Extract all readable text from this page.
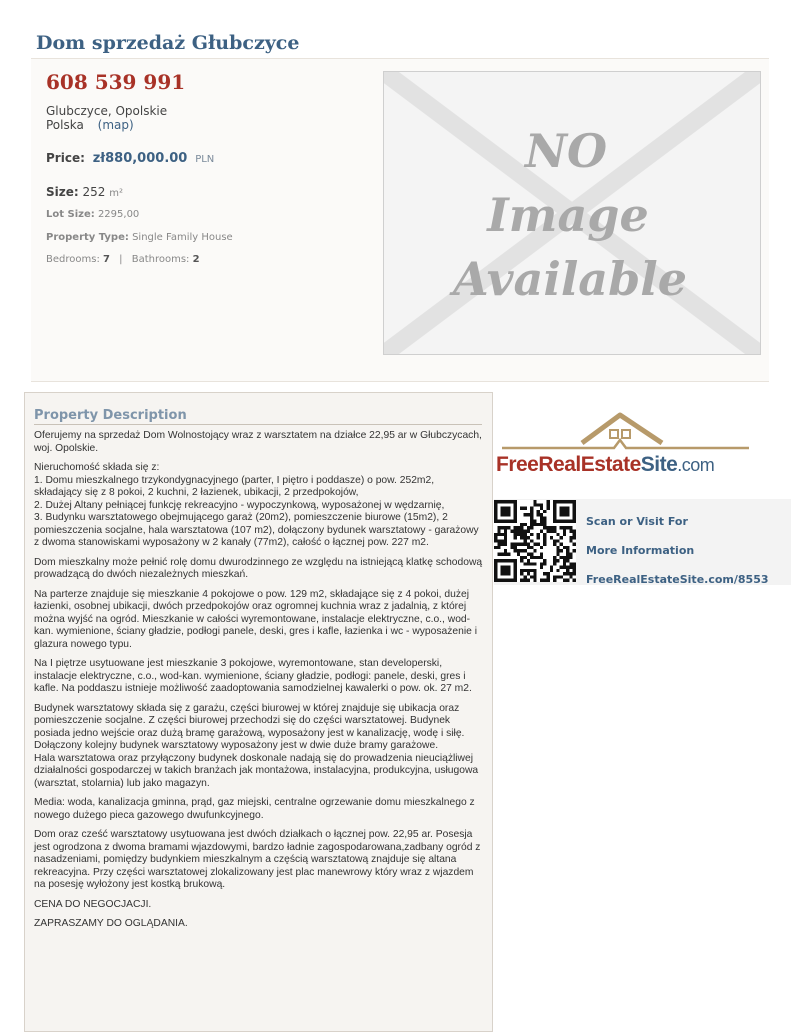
Dom sprzedaż Głubczyce
608 539 991
Glubczyce, Opolskie
Polska (map)
Price: zł880,000.00 PLN
Size: 252 m²
Lot Size: 2295,00
Property Type: Single Family House
Bedrooms: 7 | Bathrooms: 2
NO
Image
Available
Property Description

Oferujemy na sprzedaż Dom Wolnostojący wraz z warsztatem na działce 22,95 ar w Głubczycach, woj. Opolskie.

Nieruchomość składa się z:
1. Domu mieszkalnego trzykondygnacyjnego (parter, I piętro i poddasze) o pow. 252m2, składający się z 8 pokoi, 2 kuchni, 2 łazienek, ubikacji, 2 przedpokojów,
2. Dużej Altany pełniącej funkcję rekreacyjno - wypoczynkową, wyposażonej w wędzarnię,
3. Budynku warsztatowego obejmującego garaż (20m2), pomieszczenie biurowe (15m2), 2 pomieszczenia socjalne, hala warsztatowa (107 m2), dołączony bydunek warsztatowy - garażowy z dwoma stanowiskami wyposażony w 2 kanały (77m2), całość o łącznej pow. 227 m2.

Dom mieszkalny może pełnić rolę domu dwurodzinnego ze względu na istniejącą klatkę schodową prowadzącą do dwóch niezależnych mieszkań.

Na parterze znajduje się mieszkanie 4 pokojowe o pow. 129 m2, składające się z 4 pokoi, dużej łazienki, osobnej ubikacji, dwóch przedpokojów oraz ogromnej kuchnia wraz z jadalnią, z której można wyjść na ogród. Mieszkanie w całości wyremontowane, instalacje elektryczne, c.o., wod-kan. wymienione, ściany gładzie, podłogi panele, deski, gres i kafle, łazienka i wc - wyposażenie i glazura nowego typu.

Na I piętrze usytuowane jest mieszkanie 3 pokojowe, wyremontowane, stan developerski, instalacje elektryczne, c.o., wod-kan. wymienione, ściany gładzie, podłogi: panele, deski, gres i kafle. Na poddaszu istnieje możliwość zaadoptowania samodzielnej kawalerki o pow. ok. 27 m2.

Budynek warsztatowy składa się z garażu, części biurowej w której znajduje się ubikacja oraz pomieszczenie socjalne. Z części biurowej przechodzi się do części warsztatowej. Budynek posiada jedno wejście oraz dużą bramę garażową, wyposażony jest w kanalizację, wodę i siłę. Dołączony kolejny budynek warsztatowy wyposażony jest w dwie duże bramy garażowe.
Hala warsztatowa oraz przyłączony budynek doskonale nadają się do prowadzenia nieuciążliwej działalności gospodarczej w takich branżach jak montażowa, instalacyjna, produkcyjna, usługowa (warsztat, stolarnia) lub jako magazyn.

Media: woda, kanalizacja gminna, prąd, gaz miejski, centralne ogrzewanie domu mieszkalnego z nowego dużego pieca gazowego dwufunkcyjnego.

Dom oraz cześć warsztatowy usytuowana jest dwóch działkach o łącznej pow. 22,95 ar. Posesja jest ogrodzona z dwoma bramami wjazdowymi, bardzo ładnie zagospodarowana,zadbany ogród z nasadzeniami, pomiędzy budynkiem mieszkalnym a częścią warsztatową znajduje się altana rekreacyjna. Przy części warsztatowej zlokalizowany jest plac manewrowy który wraz z wjazdem na posesję wyłożony jest kostką brukową.

CENA DO NEGOCJACJI.

ZAPRASZAMY DO OGLĄDANIA.

FreeRealEstateSite.com
Scan or Visit For
More Information
FreeRealEstateSite.com/8553
